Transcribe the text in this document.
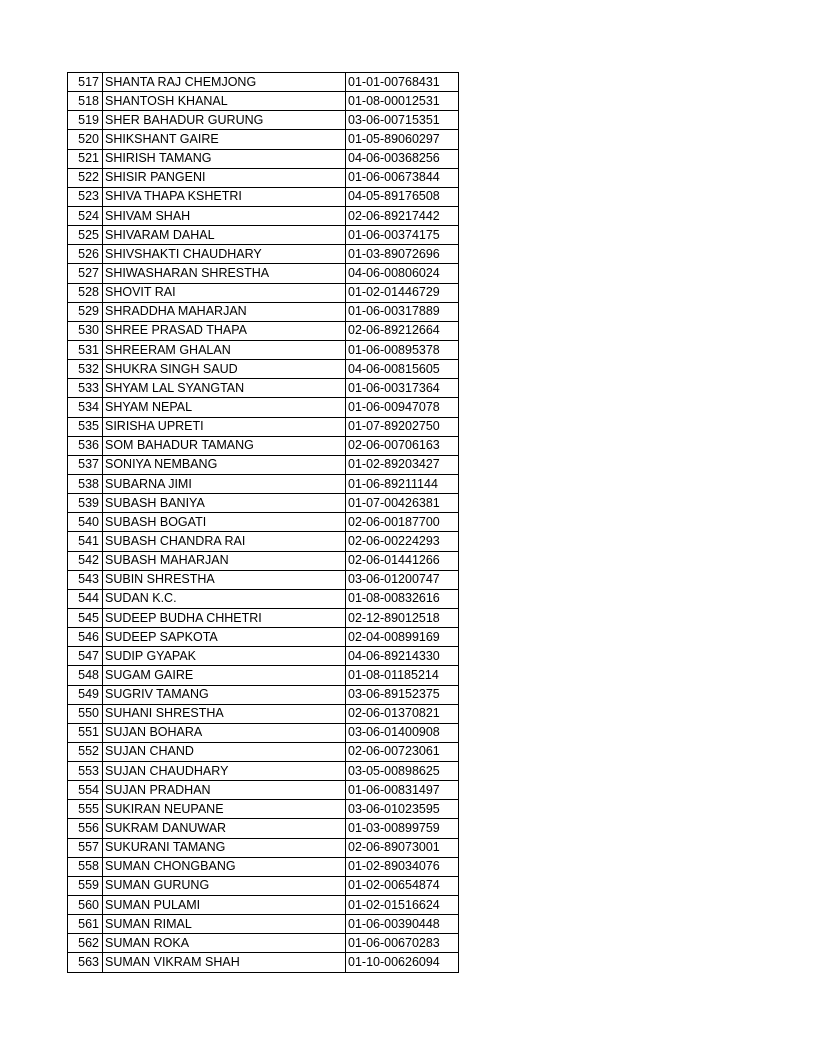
517	SHANTA RAJ CHEMJONG	01-01-00768431
518	SHANTOSH KHANAL	01-08-00012531
519	SHER BAHADUR GURUNG	03-06-00715351
520	SHIKSHANT GAIRE	01-05-89060297
521	SHIRISH TAMANG	04-06-00368256
522	SHISIR PANGENI	01-06-00673844
523	SHIVA THAPA KSHETRI	04-05-89176508
524	SHIVAM SHAH	02-06-89217442
525	SHIVARAM DAHAL	01-06-00374175
526	SHIVSHAKTI CHAUDHARY	01-03-89072696
527	SHIWASHARAN SHRESTHA	04-06-00806024
528	SHOVIT RAI	01-02-01446729
529	SHRADDHA MAHARJAN	01-06-00317889
530	SHREE PRASAD THAPA	02-06-89212664
531	SHREERAM GHALAN	01-06-00895378
532	SHUKRA SINGH SAUD	04-06-00815605
533	SHYAM LAL SYANGTAN	01-06-00317364
534	SHYAM NEPAL	01-06-00947078
535	SIRISHA UPRETI	01-07-89202750
536	SOM BAHADUR TAMANG	02-06-00706163
537	SONIYA NEMBANG	01-02-89203427
538	SUBARNA JIMI	01-06-89211144
539	SUBASH BANIYA	01-07-00426381
540	SUBASH BOGATI	02-06-00187700
541	SUBASH CHANDRA RAI	02-06-00224293
542	SUBASH MAHARJAN	02-06-01441266
543	SUBIN SHRESTHA	03-06-01200747
544	SUDAN K.C.	01-08-00832616
545	SUDEEP BUDHA CHHETRI	02-12-89012518
546	SUDEEP SAPKOTA	02-04-00899169
547	SUDIP GYAPAK	04-06-89214330
548	SUGAM GAIRE	01-08-01185214
549	SUGRIV TAMANG	03-06-89152375
550	SUHANI SHRESTHA	02-06-01370821
551	SUJAN BOHARA	03-06-01400908
552	SUJAN CHAND	02-06-00723061
553	SUJAN CHAUDHARY	03-05-00898625
554	SUJAN PRADHAN	01-06-00831497
555	SUKIRAN NEUPANE	03-06-01023595
556	SUKRAM DANUWAR	01-03-00899759
557	SUKURANI TAMANG	02-06-89073001
558	SUMAN CHONGBANG	01-02-89034076
559	SUMAN GURUNG	01-02-00654874
560	SUMAN PULAMI	01-02-01516624
561	SUMAN RIMAL	01-06-00390448
562	SUMAN ROKA	01-06-00670283
563	SUMAN VIKRAM SHAH	01-10-00626094
